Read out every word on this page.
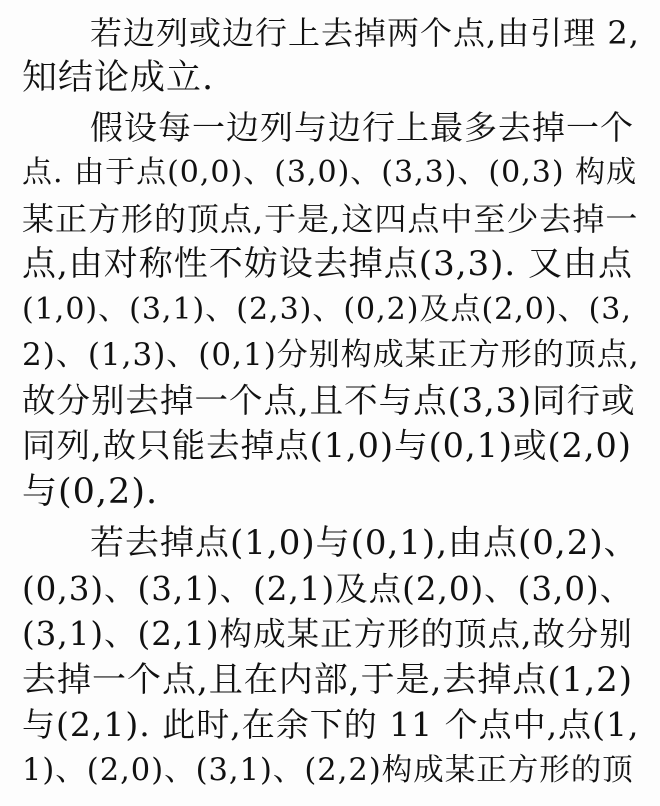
若边列或边行上去掉两个点,由引理 2,
知结论成立.
假设每一边列与边行上最多去掉一个
点. 由于点(0,0)、(3,0)、(3,3)、(0,3) 构成
某正方形的顶点,于是,这四点中至少去掉一
点,由对称性不妨设去掉点(3,3). 又由点
(1,0)、(3,1)、(2,3)、(0,2)及点(2,0)、(3,
2)、(1,3)、(0,1)分别构成某正方形的顶点,
故分别去掉一个点,且不与点(3,3)同行或
同列,故只能去掉点(1,0)与(0,1)或(2,0)
与(0,2).
若去掉点(1,0)与(0,1),由点(0,2)、
(0,3)、(3,1)、(2,1)及点(2,0)、(3,0)、
(3,1)、(2,1)构成某正方形的顶点,故分别
去掉一个点,且在内部,于是,去掉点(1,2)
与(2,1). 此时,在余下的 11 个点中,点(1,
1)、(2,0)、(3,1)、(2,2)构成某正方形的顶
